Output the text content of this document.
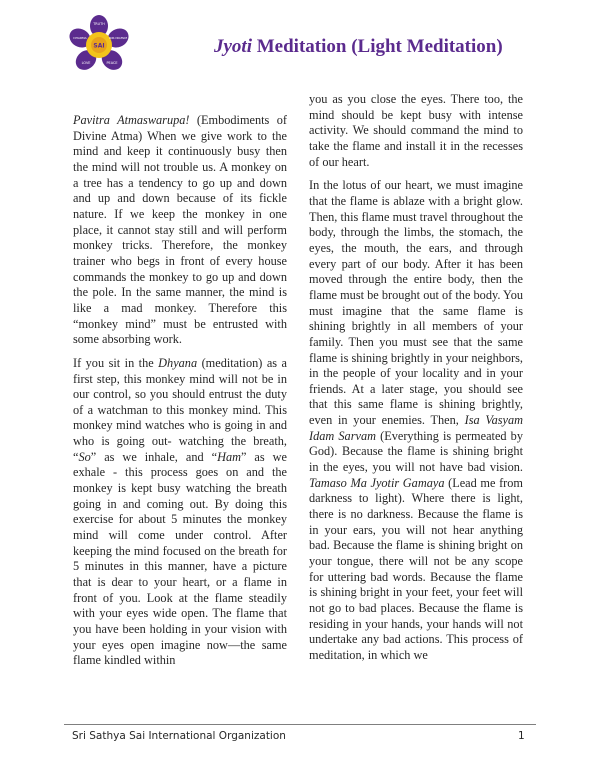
SAI
TRUTH
LOVE	PEACE
DHARMA	NON-VIOLENCE	Jyoti Meditation (Light Meditation)

Pavitra Atmaswarupa! (Embodiments of Divine Atma) When we give work to the mind and keep it continuously busy then the mind will not trouble us. A monkey on a tree has a tendency to go up and down and up and down because of its fickle nature. If we keep the monkey in one place, it cannot stay still and will perform monkey tricks. Therefore, the monkey trainer who begs in front of every house commands the monkey to go up and down the pole. In the same manner, the mind is like a mad monkey. Therefore this “monkey mind” must be entrusted with some absorbing work.

If you sit in the Dhyana (meditation) as a first step, this monkey mind will not be in our control, so you should entrust the duty of a watchman to this monkey mind. This monkey mind watches who is going in and who is going out- watching the breath, “So” as we inhale, and “Ham” as we exhale - this process goes on and the monkey is kept busy watching the breath going in and coming out. By doing this exercise for about 5 minutes the monkey mind will come under control. After keeping the mind focused on the breath for 5 minutes in this manner, have a picture that is dear to your heart, or a flame in front of you. Look at the flame steadily with your eyes wide open. The flame that you have been holding in your vision with your eyes open imagine now—the same flame kindled within

you as you close the eyes. There too, the mind should be kept busy with intense activity. We should command the mind to take the flame and install it in the recesses of our heart.

In the lotus of our heart, we must imagine that the flame is ablaze with a bright glow. Then, this flame must travel throughout the body, through the limbs, the stomach, the eyes, the mouth, the ears, and through every part of our body. After it has been moved through the entire body, then the flame must be brought out of the body. You must imagine that the same flame is shining brightly in all members of your family. Then you must see that the same flame is shining brightly in your neighbors, in the people of your locality and in your friends. At a later stage, you should see that this same flame is shining brightly, even in your enemies. Then, Isa Vasyam Idam Sarvam (Everything is permeated by God). Because the flame is shining bright in the eyes, you will not have bad vision. Tamaso Ma Jyotir Gamaya (Lead me from darkness to light). Where there is light, there is no darkness. Because the flame is in your ears, you will not hear anything bad. Because the flame is shining bright on your tongue, there will not be any scope for uttering bad words. Because the flame is shining bright in your feet, your feet will not go to bad places. Because the flame is residing in your hands, your hands will not undertake any bad actions. This process of meditation, in which we

Sri Sathya Sai International Organization	1
